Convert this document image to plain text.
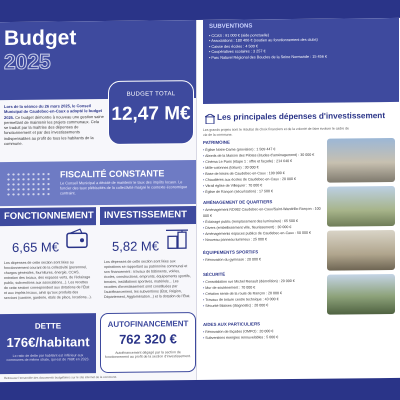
Budget
2025
BUDGET TOTAL
12,47 M€
Lors de la séance du 26 mars 2025, le Conseil Municipal de Caudebec-en-Caux a adopté le budget 2025. Ce budget démontre à nouveau une gestion saine permettant de maintenir les projets communaux. Cela se traduit par la maîtrise des dépenses de fonctionnement et par des investissements indispensables au profit de tous les habitants de la commune.
FISCALITÉ CONSTANTE
Le Conseil Municipal a décidé de maintenir le taux des impôts locaux. Le foncier des taux plébiscités de la collectivité malgré le contexte économique contraint.
FONCTIONNEMENT
6,65 M€
Les dépenses de cette section sont liées au fonctionnement courant de la collectivité (personnel, charges générales, fournitures, énergie, CCAS, entretien des locaux, des espaces verts, de l'éclairage public, subventions aux associations...). Les recettes de cette section correspondent aux dotations de l'État et aux impôts locaux, ainsi qu'aux produits des services (cantine, garderie, étals de place, locations...).
INVESTISSEMENT
5,82 M€
Les dépenses de cette section sont liées aux opérations se rapportant au patrimoine communal et son financement : travaux de bâtiments, voiries, écoles, constructions, emprunts, équipements sportifs, terrains, installations sportives, matériels... Les recettes d'investissement sont constituées par l'autofinancement, les subventions (État, Région, Département, Agglomération...) et la dotation de l'État.
DETTE
176€/habitant
Le ratio de dette par habitant est inférieur aux communes de même strate, qui est de 768€ en 2023.
AUTOFINANCEMENT
762 320 €
Autofinancement dégagé par la section de fonctionnement au profit de la section d'investissement.
Retrouvez l'ensemble des documents budgétaires sur le site internet de la commune.
SUBVENTIONS
• CCAS : 91 000 € (aide ponctuelle)
• Associations : 180 406 € (soutien au fonctionnement des clubs)
• Caisse des écoles : 4 500 €
• Coopératives scolaires : 3 257 €
• Parc Naturel Régional des Boucles de la Seine Normande : 15 456 €
Les principales dépenses d'investissement
Les grands projets sont le résultat de choix financiers et de la volonté de faire évoluer le cadre de vie de la commune.
PATRIMOINE
• Église Notre-Dame (provision) : 1 509 447 €
• Abords de la Maison des Pilotes (études d'aménagement) : 30 000 €
• Cinéma Le Paris (étape 1 : offre et façade) : 214 640 €
• Mille-colonnes (toiture) : 30 000 €
• Base de loisirs de Caudebec-en-Caux : 100 000 €
• Chaudières aux écoles de Caudebec-en-Caux : 20 000 €
• Vitrail église de Villequier : 70 000 €
• Église de Rançon (sécurisation) : 17 500 €
AMÉNAGEMENT DE QUARTIERS
• Aménagement RD982 Caudebec-en-Caux/Saint-Wandrille-Rançon : 100 000 €
• Éclairage public (remplacement des luminaires) : 65 500 €
• Divers (embellissement ville, fleurissement) : 30 000 €
• Aménagements espaces publics de Caudebec-en-Caux : 50 000 €
• Nouveau panneau lumineux : 25 000 €
ÉQUIPEMENTS SPORTIFS
• Rénovation du gymnase : 20 000 €
SÉCURITÉ
• Consolidation rue Michel Renault (démolition) : 20 000 €
• Mur de soutènement : 70 000 €
• Création sente de la route de Rançon : 20 000 €
• Travaux de toiture centre technique : 43 000 €
• Sécurité falaises (diagnostic) : 28 000 €
AIDES AUX PARTICULIERS
• Rénovation de façades (OMPO) : 20 000 €
• Subventions énergies renouvelables : 5 000 €
